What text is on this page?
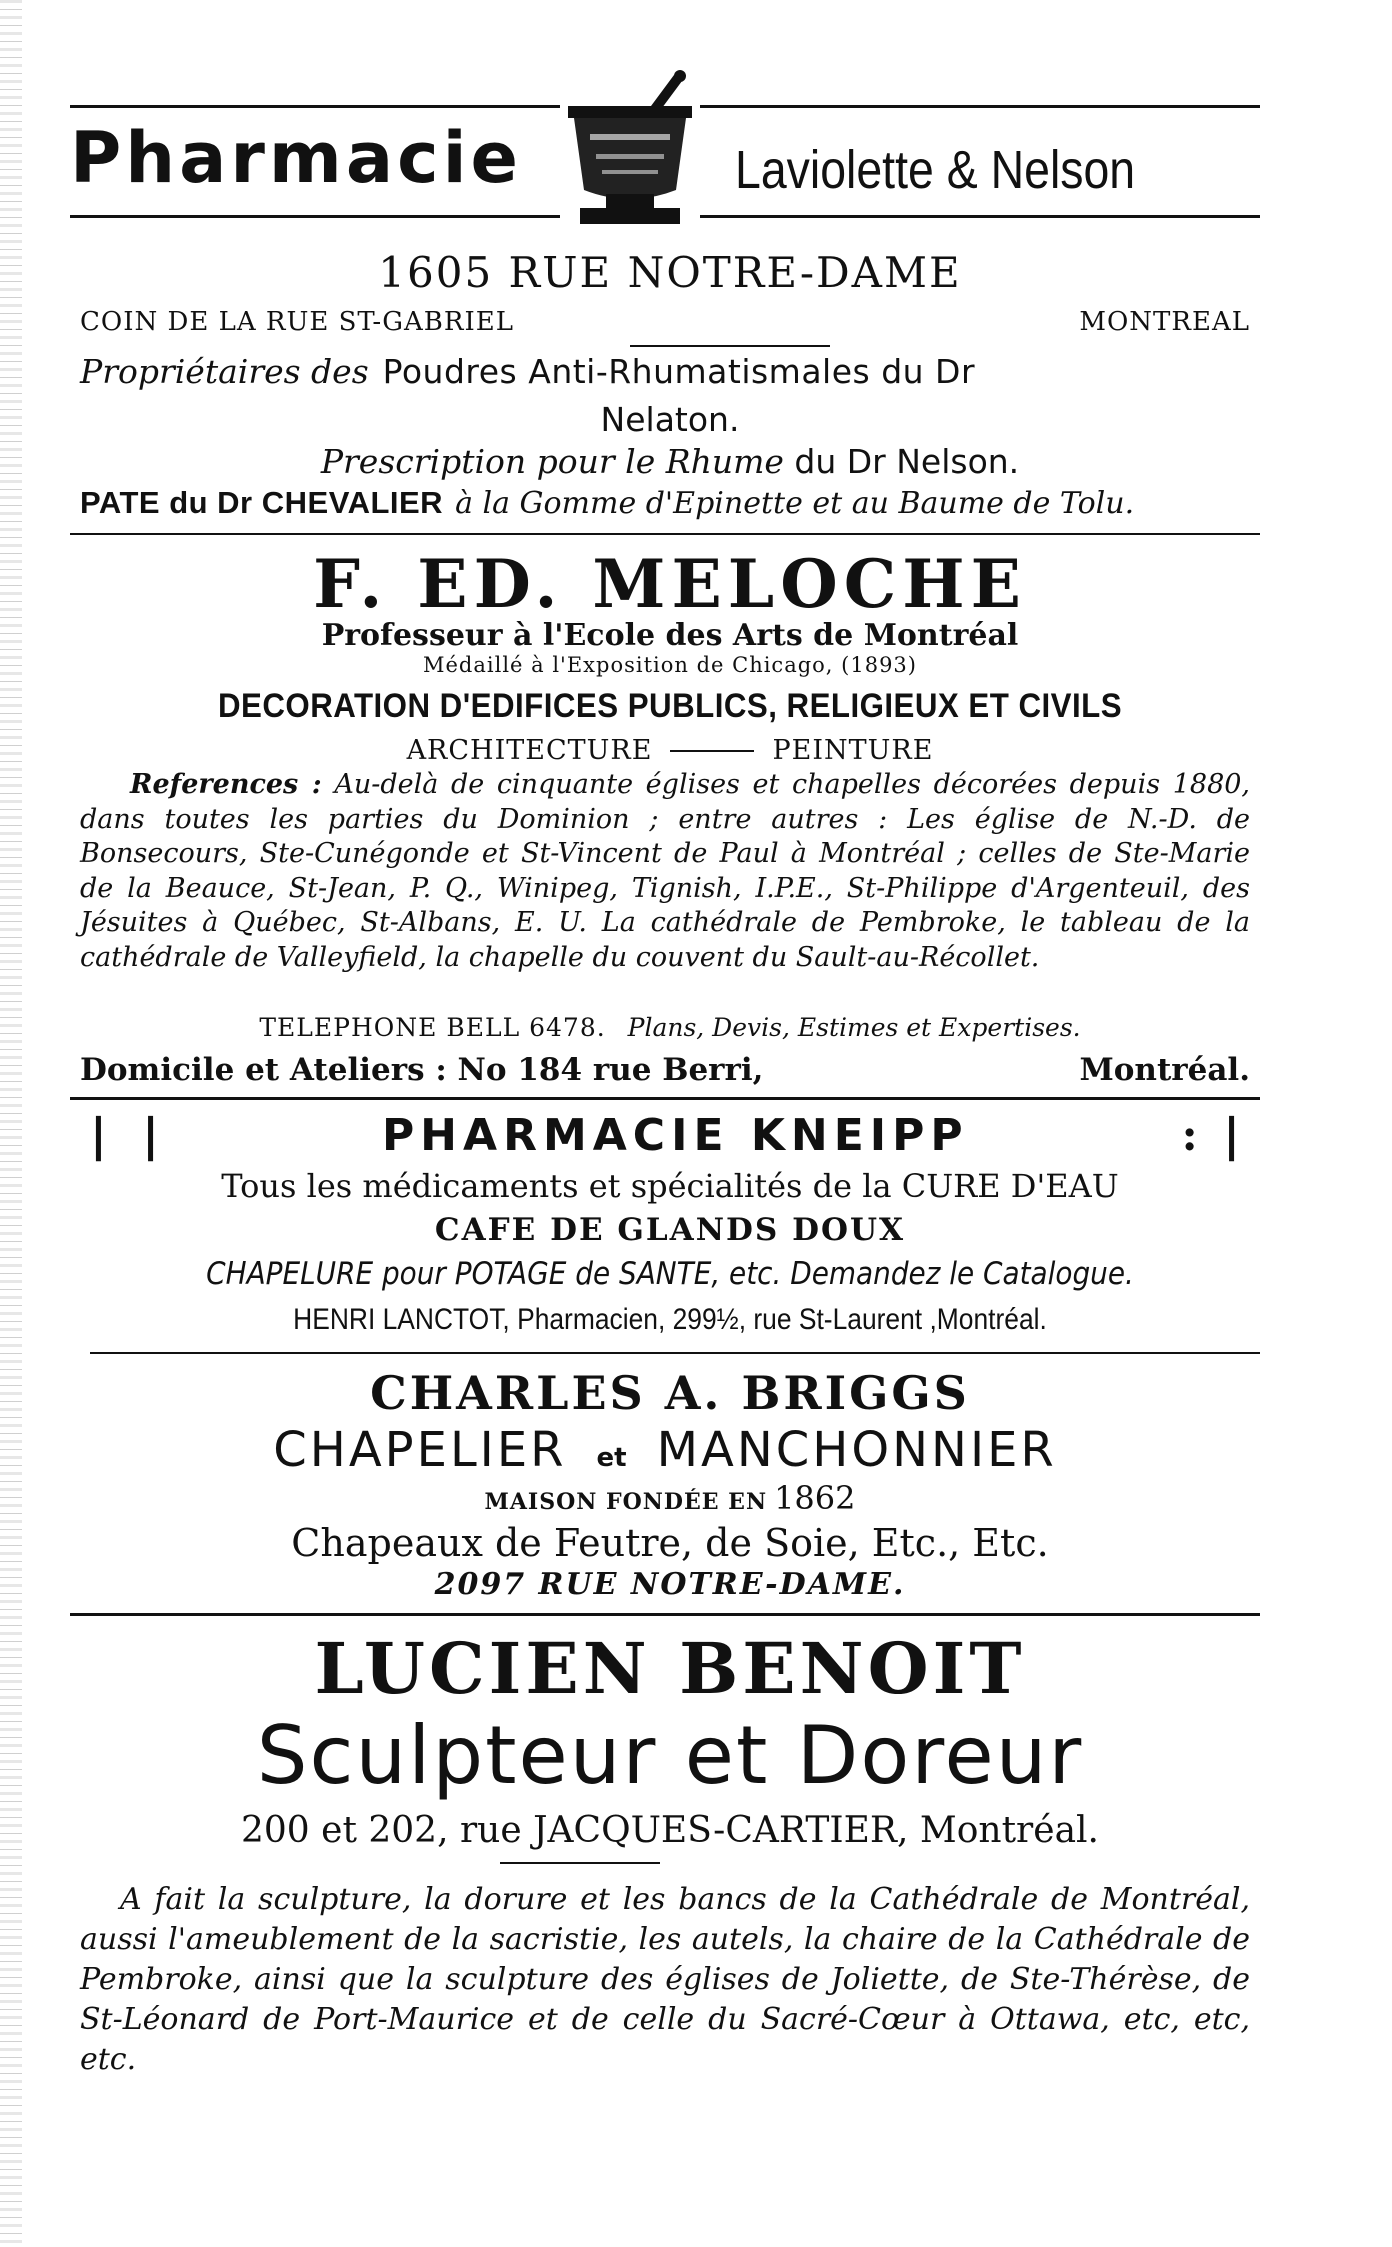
Pharmacie	Laviolette & Nelson
1605 RUE NOTRE-DAME
COIN DE LA RUE ST-GABRIEL	MONTREAL
Propriétaires des Poudres Anti-Rhumatismales du Dr
Nelaton.
Prescription pour le Rhume du Dr Nelson.
PATE du Dr CHEVALIER à la Gomme d'Epinette et au Baume de Tolu.
F. ED. MELOCHE
Professeur à l'Ecole des Arts de Montréal
Médaillé à l'Exposition de Chicago, (1893)
DECORATION D'EDIFICES PUBLICS, RELIGIEUX ET CIVILS
ARCHITECTURE	PEINTURE
References : Au-delà de cinquante églises et chapelles décorées depuis 1880, dans toutes les parties du Dominion ; entre autres : Les église de N.-D. de Bonsecours, Ste-Cunégonde et St-Vincent de Paul à Montréal ; celles de Ste-Marie de la Beauce, St-Jean, P. Q., Winipeg, Tignish, I.P.E., St-Philippe d'Argenteuil, des Jésuites à Québec, St-Albans, E. U. La cathédrale de Pembroke, le tableau de la cathédrale de Valleyfield, la chapelle du couvent du Sault-au-Récollet.
TELEPHONE BELL 6478. Plans, Devis, Estimes et Expertises.
Domicile et Ateliers : No 184 rue Berri,	Montréal.
❘ ❘	PHARMACIE KNEIPP	: ❘
Tous les médicaments et spécialités de la CURE D'EAU
CAFE DE GLANDS DOUX
CHAPELURE pour POTAGE de SANTE, etc. Demandez le Catalogue.
HENRI LANCTOT, Pharmacien, 299½, rue St-Laurent ,Montréal.
CHARLES A. BRIGGS
CHAPELIER et MANCHONNIER
MAISON FONDÉE EN 1862
Chapeaux de Feutre, de Soie, Etc., Etc.
2097 RUE NOTRE-DAME.
LUCIEN BENOIT
Sculpteur et Doreur
200 et 202, rue JACQUES-CARTIER, Montréal.
A fait la sculpture, la dorure et les bancs de la Cathédrale de Montréal, aussi l'ameublement de la sacristie, les autels, la chaire de la Cathédrale de Pembroke, ainsi que la sculpture des églises de Joliette, de Ste-Thérèse, de St-Léonard de Port-Maurice et de celle du Sacré-Cœur à Ottawa, etc, etc, etc.
